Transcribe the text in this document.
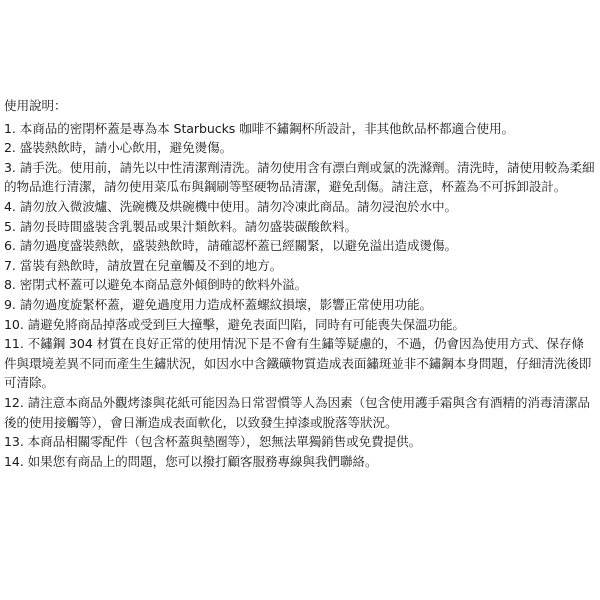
使用說明：

1. 本商品的密閉杯蓋是專為本 Starbucks 咖啡不鏽鋼杯所設計，非其他飲品杯都適合使用。

2. 盛裝熱飲時，請小心飲用，避免燙傷。

3. 請手洗。使用前，請先以中性清潔劑清洗。請勿使用含有漂白劑或氯的洗滌劑。清洗時，請使用較為柔細的物品進行清潔，請勿使用菜瓜布與鋼刷等堅硬物品清潔，避免刮傷。請注意，杯蓋為不可拆卸設計。

4. 請勿放入微波爐、洗碗機及烘碗機中使用。請勿冷凍此商品。請勿浸泡於水中。

5. 請勿長時間盛裝含乳製品或果汁類飲料。請勿盛裝碳酸飲料。

6. 請勿過度盛裝熱飲，盛裝熱飲時，請確認杯蓋已經關緊，以避免溢出造成燙傷。

7. 當裝有熱飲時，請放置在兒童觸及不到的地方。

8. 密閉式杯蓋可以避免本商品意外傾倒時的飲料外溢。

9. 請勿過度旋緊杯蓋，避免過度用力造成杯蓋螺紋損壞，影響正常使用功能。

10. 請避免將商品掉落或受到巨大撞擊，避免表面凹陷，同時有可能喪失保溫功能。

11. 不鏽鋼 304 材質在良好正常的使用情況下是不會有生鏽等疑慮的，不過，仍會因為使用方式、保存條件與環境差異不同而產生生鏽狀況，如因水中含鐵礦物質造成表面鏽斑並非不鏽鋼本身問題，仔細清洗後即可清除。

12. 請注意本商品外觀烤漆與花紙可能因為日常習慣等人為因素（包含使用護手霜與含有酒精的消毒清潔品後的使用接觸等），會日漸造成表面軟化，以致發生掉漆或脫落等狀況。

13. 本商品相關零配件（包含杯蓋與墊圈等），恕無法單獨銷售或免費提供。

14. 如果您有商品上的問題，您可以撥打顧客服務專線與我們聯絡。
